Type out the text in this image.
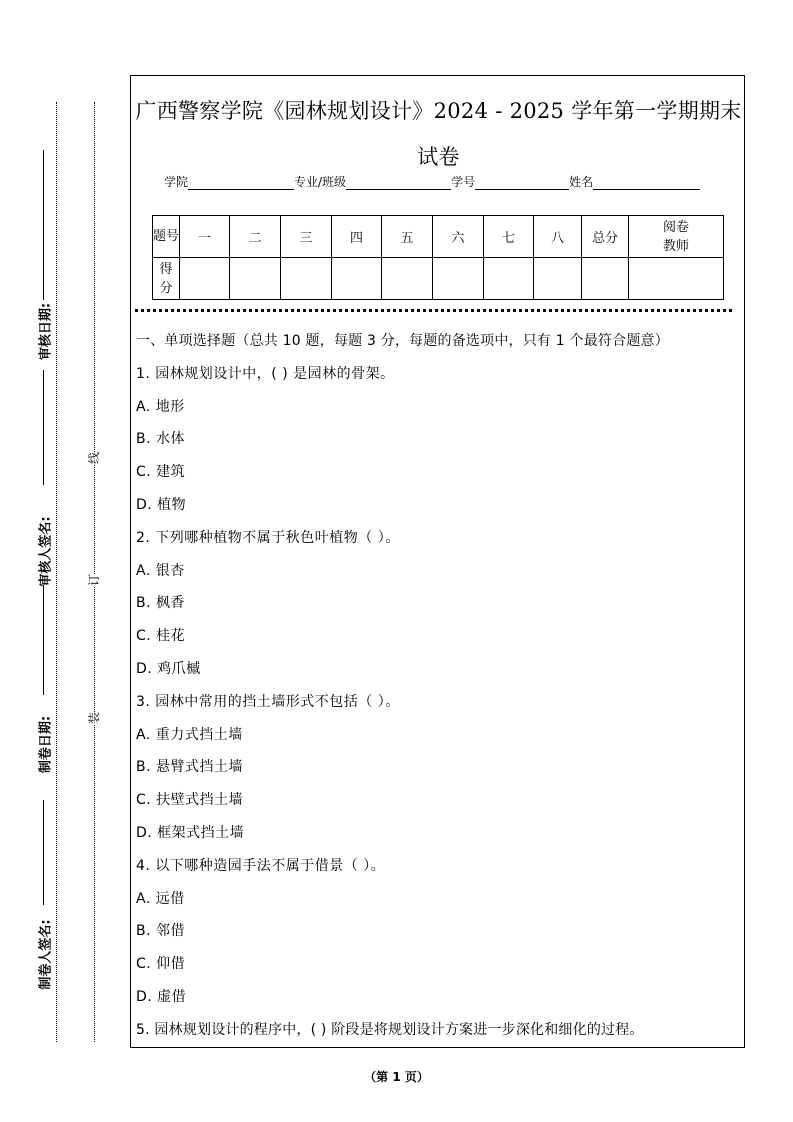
审核日期:
审核人签名:
制卷日期:
制卷人签名:
线
订
装
广西警察学院《园林规划设计》2024 - 2025 学年第一学期期末试卷
学院	专业/班级	学号	姓名
题号	一	二	三	四	五	六	七	八	总分	阅卷教师
得分										
一、单项选择题（总共 10 题，每题 3 分，每题的备选项中，只有 1 个最符合题意）
1. 园林规划设计中，( ) 是园林的骨架。
A. 地形
B. 水体
C. 建筑
D. 植物
2. 下列哪种植物不属于秋色叶植物（ ）。
A. 银杏
B. 枫香
C. 桂花
D. 鸡爪槭
3. 园林中常用的挡土墙形式不包括（ ）。
A. 重力式挡土墙
B. 悬臂式挡土墙
C. 扶壁式挡土墙
D. 框架式挡土墙
4. 以下哪种造园手法不属于借景（ ）。
A. 远借
B. 邻借
C. 仰借
D. 虚借
5. 园林规划设计的程序中，( ) 阶段是将规划设计方案进一步深化和细化的过程。
（第 1 页）
